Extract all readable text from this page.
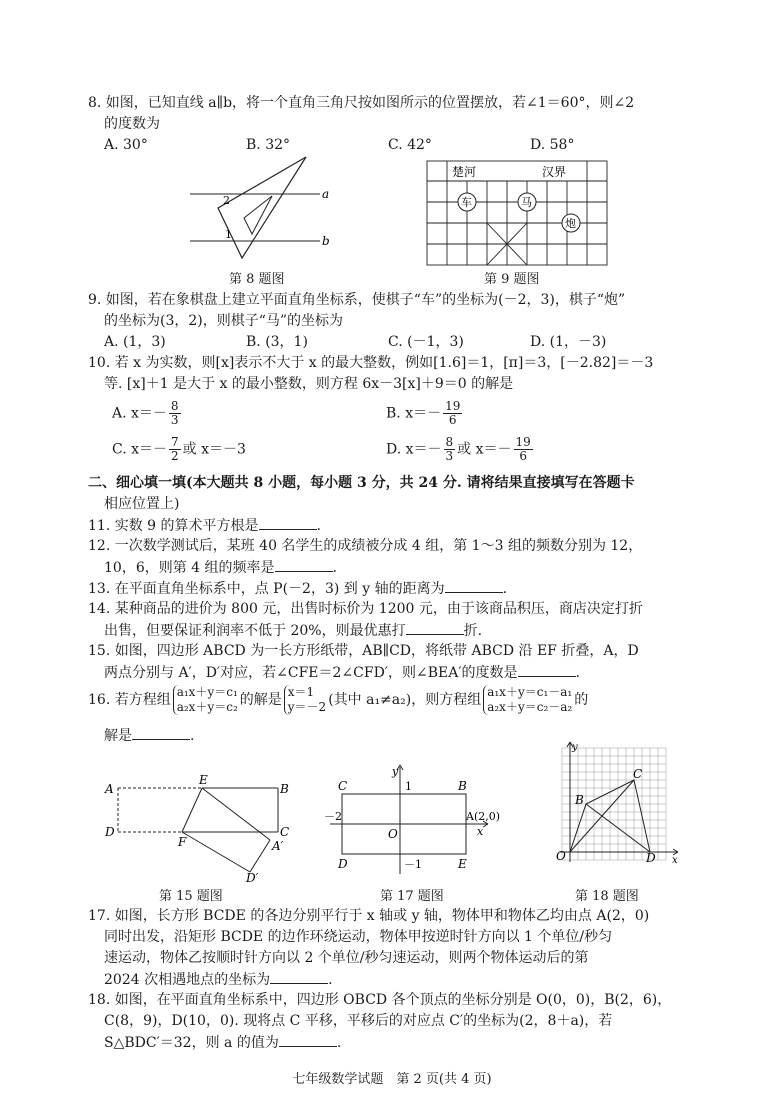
8. 如图，已知直线 a∥b，将一个直角三角尺按如图所示的位置摆放，若∠1＝60°，则∠2
的度数为
A. 30°	B. 32°	C. 42°	D. 58°
a
b
2
1
第 8 题图
楚河	汉界
车	马
炮
第 9 题图
9. 如图，若在象棋盘上建立平面直角坐标系，使棋子“车”的坐标为(－2，3)，棋子“炮”
的坐标为(3，2)，则棋子“马”的坐标为
A. (1，3)	B. (3，1)	C. (－1，3)	D. (1，－3)
10. 若 x 为实数，则[x]表示不大于 x 的最大整数，例如[1.6]＝1，[π]＝3，[－2.82]＝－3
等. [x]＋1 是大于 x 的最小整数，则方程 6x－3[x]＋9＝0 的解是
A. $x=- \frac{8}{3}$	B. $x=- \frac{19}{6}$
C. $x=- \frac{7}{2}$ 或 x＝－3	D. $x=- \frac{8}{3}$ 或 $x=- \frac{19}{6}$
二、细心填一填(本大题共 8 小题，每小题 3 分，共 24 分. 请将结果直接填写在答题卡
相应位置上)
11. 实数 9 的算术平方根是	.
12. 一次数学测试后，某班 40 名学生的成绩被分成 4 组，第 1～3 组的频数分别为 12，
10，6，则第 4 组的频率是	.
13. 在平面直角坐标系中，点 P(－2，3) 到 y 轴的距离为	.
14. 某种商品的进价为 800 元，出售时标价为 1200 元，由于该商品积压，商店决定打折
出售，但要保证利润率不低于 20%，则最优惠打	折.
15. 如图，四边形 ABCD 为一长方形纸带，AB∥CD，将纸带 ABCD 沿 EF 折叠，A，D
两点分别与 A′，D′对应，若∠CFE＝2∠CFD′，则∠BEA′的度数是	.
16. 若方程组 a₁x＋y＝c₁
a₂x＋y＝c₂ 的解是 x＝1
y＝－2 (其中 a₁≠a₂)，则方程组 a₁x＋y＝c₁－a₁
a₂x＋y＝c₂－a₂ 的
解是	.
A
E
B
D
F
C
A′
D′
第 15 题图
y
C	1	B
－2
O
A(2,0)
x
D	－1	E
第 17 题图
y
C
B
O	D x
第 18 题图
17. 如图，长方形 BCDE 的各边分别平行于 x 轴或 y 轴，物体甲和物体乙均由点 A(2，0)
同时出发，沿矩形 BCDE 的边作环绕运动，物体甲按逆时针方向以 1 个单位/秒匀
速运动，物体乙按顺时针方向以 2 个单位/秒匀速运动，则两个物体运动后的第
2024 次相遇地点的坐标为	.
18. 如图，在平面直角坐标系中，四边形 OBCD 各个顶点的坐标分别是 O(0，0)，B(2，6)，
C(8，9)，D(10，0). 现将点 C 平移，平移后的对应点 C′的坐标为(2，8＋a)，若
S△BDC′＝32，则 a 的值为	.
七年级数学试题　第 2 页(共 4 页)
